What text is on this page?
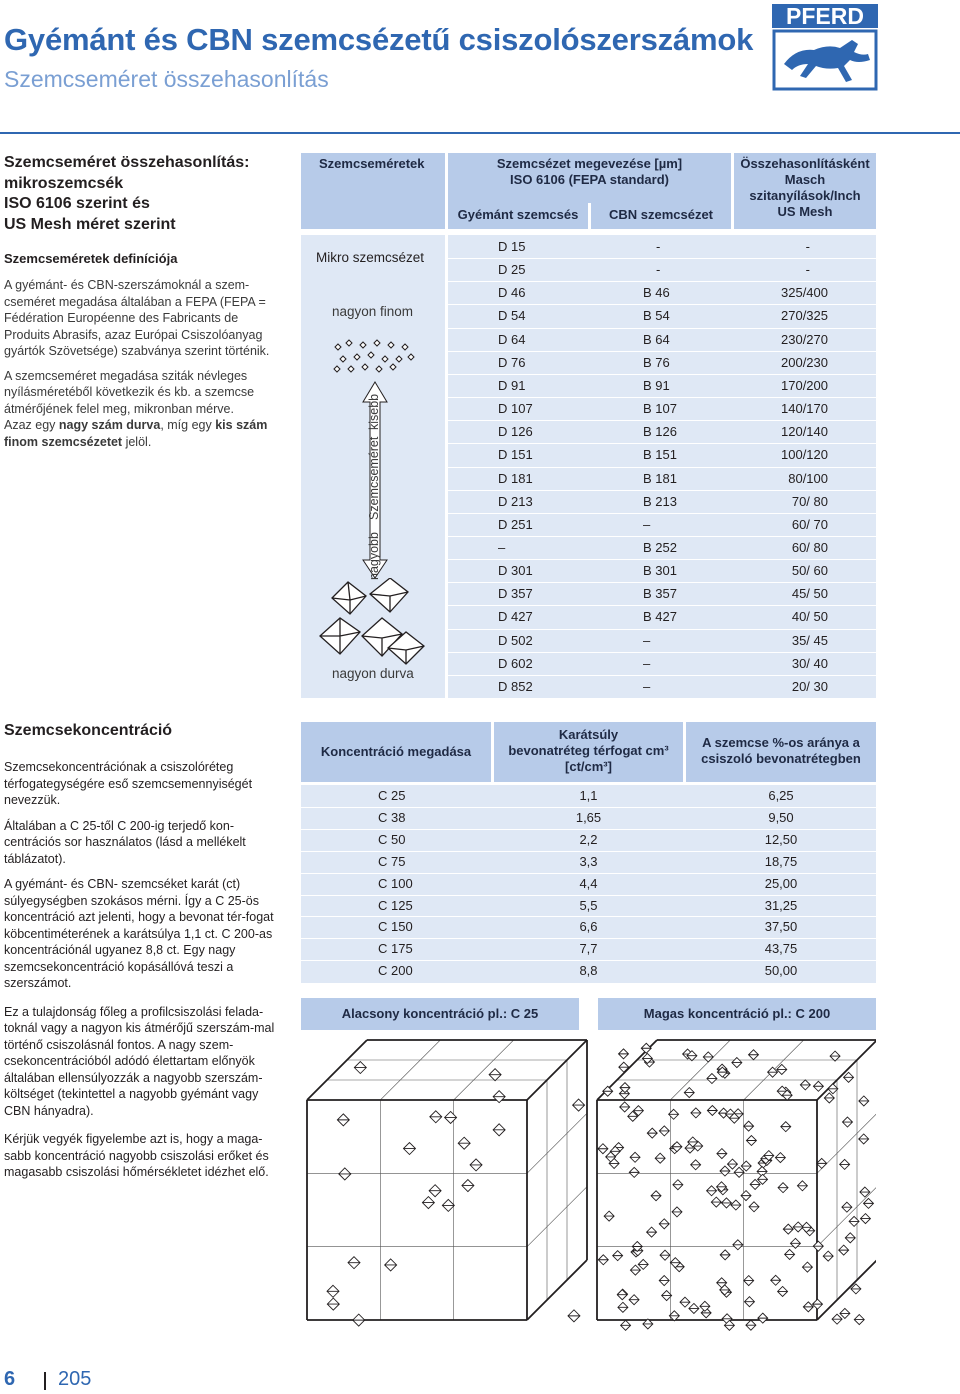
Gyémánt és CBN szemcsézetű csiszolószerszámok
Szemcseméret összehasonlítás
PFERD
Szemcseméret összehasonlítás:
mikroszemcsék
ISO 6106 szerint és
US Mesh méret szerint
Szemcseméretek definíciója

A gyémánt- és CBN-szerszámoknál a szem-cseméret megadása általában a FEPA (FEPA = Fédération Européenne des Fabricants de Produits Abrasifs, azaz Európai Csiszolóanyag gyártók Szövetsége) szabványa szerint történik.

A szemcseméret megadása sziták névleges nyílásméretéből következik és kb. a szemcse átmérőjének felel meg, mikronban mérve.

Azaz egy nagy szám durva, míg egy kis szám finom szemcsézetet jelöl.

Szemcseméretek	Szemcsézet megevezése [µm]
ISO 6106 (FEPA standard)
Gyémánt szemcsés	CBN szemcsézet
Összehasonlításként
Masch
szitanyílások/Inch
US Mesh
D 15	-	-
D 25	-	-
D 46	B 46	325/400
D 54	B 54	270/325
D 64	B 64	230/270
D 76	B 76	200/230
D 91	B 91	170/200
D 107	B 107	140/170
D 126	B 126	120/140
D 151	B 151	100/120
D 181	B 181	80/100
D 213	B 213	70/ 80
D 251	–	60/ 70
–	B 252	60/ 80
D 301	B 301	50/ 60
D 357	B 357	45/ 50
D 427	B 427	40/ 50
D 502	–	35/ 45
D 602	–	30/ 40
D 852	–	20/ 30
Mikro szemcsézet
nagyon finom
nagyon durva
kisebb
Szemcseméret
nagyobb
Szemcsekoncentráció

Szemcsekoncentrációnak a csiszolóréteg térfogategységére eső szemcsemennyiségét nevezzük.

Általában a C 25-től C 200-ig terjedő kon-centrációs sor használatos (lásd a mellékelt táblázatot).

A gyémánt- és CBN- szemcséket karát (ct) súlyegységben szokásos mérni. Így a C 25-ös koncentráció azt jelenti, hogy a bevonat tér-fogat köbcentiméterének a karátsúlya 1,1 ct. C 200-as koncentrációnál ugyanez 8,8 ct. Egy nagy szemcsekoncentráció kopásállóvá teszi a szerszámot.

Ez a tulajdonság főleg a profilcsiszolási felada-toknál vagy a nagyon kis átmérőjű szerszám-mal történő csiszolásnál fontos. A nagy szem-csekoncentrációból adódó élettartam előnyök általában ellensúlyozzák a nagyobb szerszám-költséget (tekintettel a nagyobb gyémánt vagy CBN hányadra).

Kérjük vegyék figyelembe azt is, hogy a maga-sabb koncentráció nagyobb csiszolási erőket és magasabb csiszolási hőmérsékletet idézhet elő.

Koncentráció megadása
Karátsúly
bevonatréteg térfogat cm³
[ct/cm³]
A szemcse %-os aránya a
csiszoló bevonatrétegben
C 25	1,1	6,25
C 38	1,65	9,50
C 50	2,2	12,50
C 75	3,3	18,75
C 100	4,4	25,00
C 125	5,5	31,25
C 150	6,6	37,50
C 175	7,7	43,75
C 200	8,8	50,00
Alacsony koncentráció pl.: C 25	Magas koncentráció pl.: C 200
6 205
